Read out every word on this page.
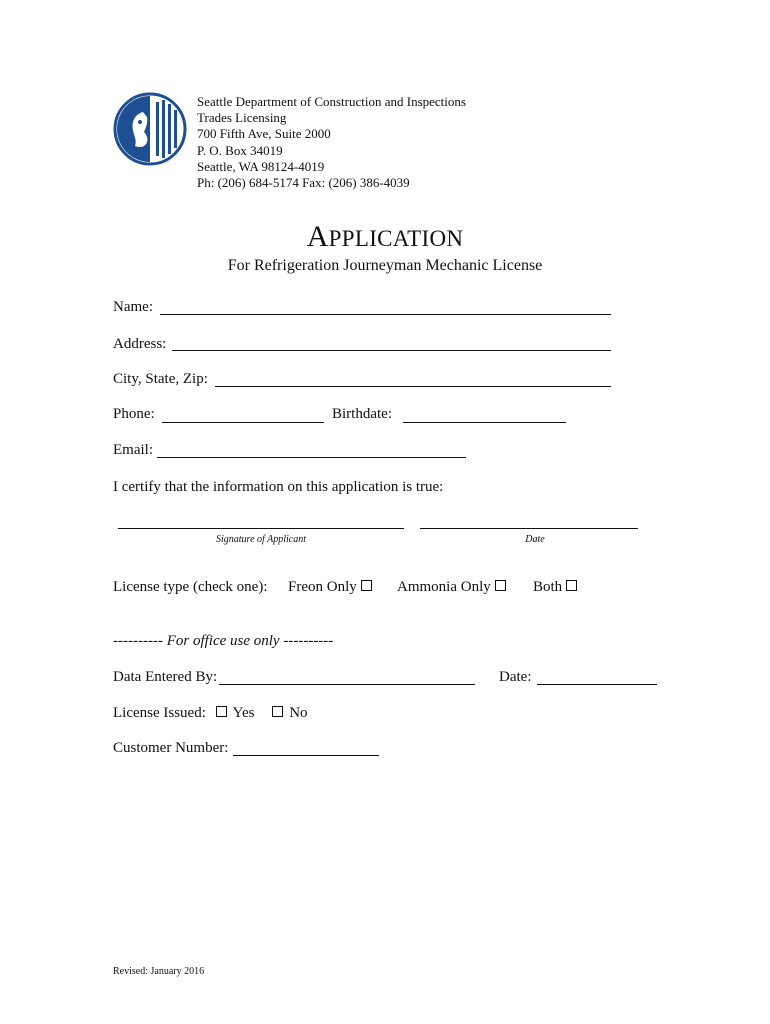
Seattle Department of Construction and Inspections
Trades Licensing
700 Fifth Ave, Suite 2000
P. O. Box 34019
Seattle, WA 98124-4019
Ph: (206) 684-5174 Fax: (206) 386-4039
APPLICATION
For Refrigeration Journeyman Mechanic License
Name:
Address:
City, State, Zip:
Phone:	Birthdate:
Email:
I certify that the information on this application is true:
Signature of Applicant	Date
License type (check one): Freon Only	Ammonia Only	Both
---------- For office use only ----------
Data Entered By:	Date:
License Issued: Yes No
Customer Number:
Revised: January 2016
